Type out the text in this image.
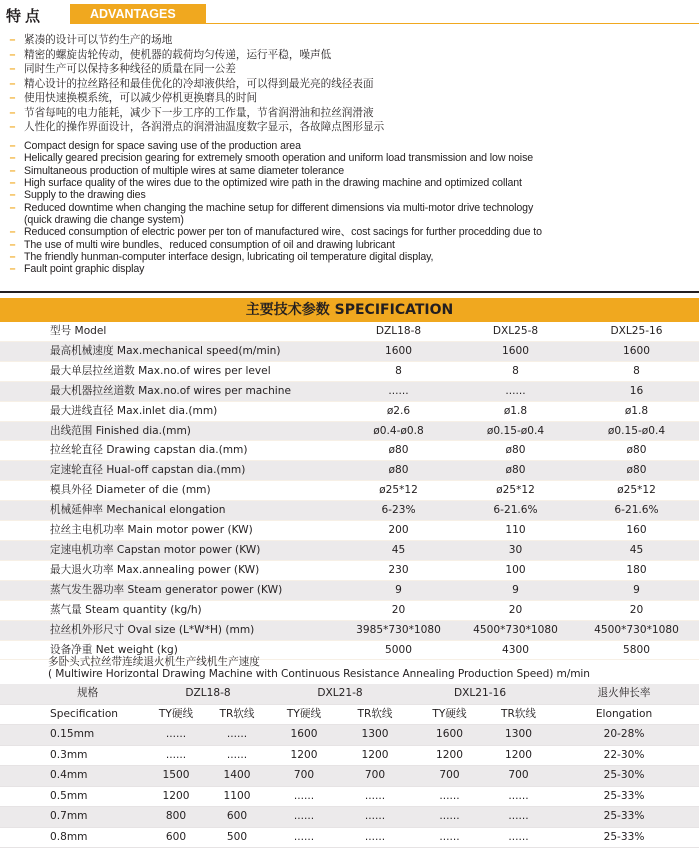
特点	ADVANTAGES
– 紧凑的设计可以节约生产的场地
– 精密的螺旋齿轮传动，使机器的载荷均匀传递，运行平稳，噪声低
– 同时生产可以保持多种线径的质量在同一公差
– 精心设计的拉丝路径和最佳优化的冷却液供给，可以得到最光亮的线径表面
– 使用快速换模系统，可以减少停机更换磨具的时间
– 节省每吨的电力能耗，减少下一步工序的工作量，节省润滑油和拉丝润滑液
– 人性化的操作界面设计，各润滑点的润滑油温度数字显示，各故障点图形显示
– Compact design for space saving use of the production area
– Helically geared precision gearing for extremely smooth operation and uniform load transmission and low noise
– Simultaneous production of multiple wires at same diameter tolerance
– High surface quality of the wires due to the optimized wire path in the drawing machine and optimized collant
– Supply to the drawing dies
– Reduced downtime when changing the machine setup for different dimensions via multi-motor drive technology
(quick drawing die change system)
– Reduced consumption of electric power per ton of manufactured wire、cost sacings for further procedding due to
– The use of multi wire bundles、reduced consumption of oil and drawing lubricant
– The friendly hunman-computer interface design, lubricating oil temperature digital display,
– Fault point graphic display
主要技术参数 SPECIFICATION
型号 Model	DZL18-8	DXL25-8	DXL25-16
最高机械速度 Max.mechanical speed(m/min)	1600	1600	1600
最大单层拉丝道数 Max.no.of wires per level	8	8	8
最大机器拉丝道数 Max.no.of wires per machine	......	......	16
最大进线直径 Max.inlet dia.(mm)	ø2.6	ø1.8	ø1.8
出线范围 Finished dia.(mm)	ø0.4-ø0.8	ø0.15-ø0.4	ø0.15-ø0.4
拉丝轮直径 Drawing capstan dia.(mm)	ø80	ø80	ø80
定速轮直径 Hual-off capstan dia.(mm)	ø80	ø80	ø80
模具外径 Diameter of die (mm)	ø25*12	ø25*12	ø25*12
机械延伸率 Mechanical elongation	6-23%	6-21.6%	6-21.6%
拉丝主电机功率 Main motor power (KW)	200	110	160
定速电机功率 Capstan motor power (KW)	45	30	45
最大退火功率 Max.annealing power (KW)	230	100	180
蒸气发生器功率 Steam generator power (KW)	9	9	9
蒸气量 Steam quantity (kg/h)	20	20	20
拉丝机外形尺寸 Oval size (L*W*H) (mm)	3985*730*1080	4500*730*1080	4500*730*1080
设备净重 Net weight (kg)	5000	4300	5800
多卧头式拉丝带连续退火机生产线机生产速度
( Multiwire Horizontal Drawing Machine with Continuous Resistance Annealing Production Speed) m/min
规格	DZL18-8		DXL21-8		DXL21-16		退火伸长率
Specification	TY硬线	TR软线	TY硬线	TR软线	TY硬线	TR软线	Elongation
0.15mm	......	......	1600	1300	1600	1300	20-28%
0.3mm	......	......	1200	1200	1200	1200	22-30%
0.4mm	1500	1400	700	700	700	700	25-30%
0.5mm	1200	1100	......	......	......	......	25-33%
0.7mm	800	600	......	......	......	......	25-33%
0.8mm	600	500	......	......	......	......	25-33%
